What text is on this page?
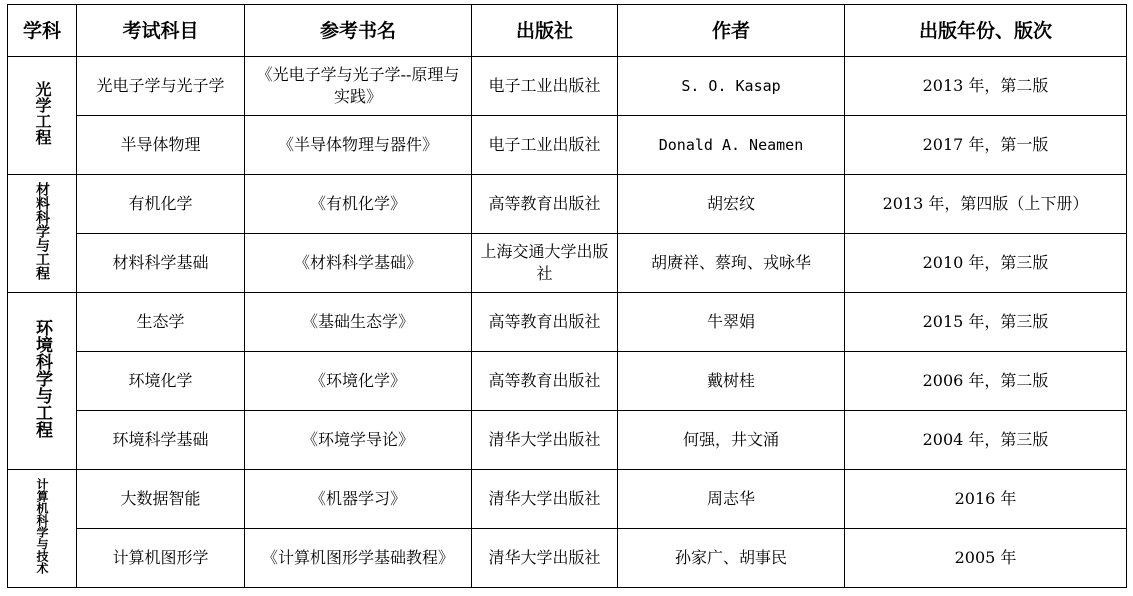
学科	考试科目	参考书名	出版社	作者	出版年份、版次
光学工程	光电子学与光子学	《光电子学与光子学--原理与实践》	电子工业出版社	S. O. Kasap	2013 年，第二版
	半导体物理	《半导体物理与器件》	电子工业出版社	Donald A. Neamen	2017 年，第一版
材料科学与工程	有机化学	《有机化学》	高等教育出版社	胡宏纹	2013 年，第四版（上下册）
	材料科学基础	《材料科学基础》	上海交通大学出版社	胡赓祥、蔡珣、戎咏华	2010 年，第三版
环境科学与工程	生态学	《基础生态学》	高等教育出版社	牛翠娟	2015 年，第三版
	环境化学	《环境化学》	高等教育出版社	戴树桂	2006 年，第二版
	环境科学基础	《环境学导论》	清华大学出版社	何强，井文涌	2004 年，第三版
计算机科学与技术	大数据智能	《机器学习》	清华大学出版社	周志华	2016 年
	计算机图形学	《计算机图形学基础教程》	清华大学出版社	孙家广、胡事民	2005 年
